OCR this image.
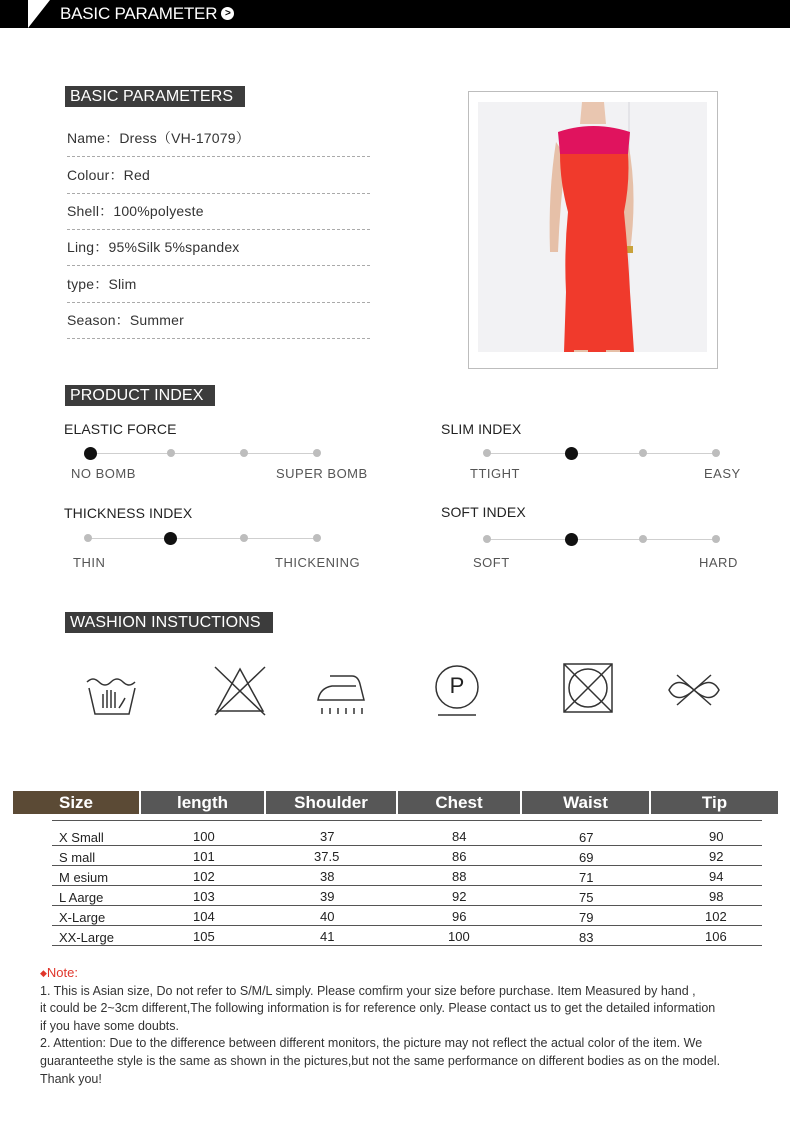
BASIC PARAMETER >
BASIC PARAMETERS
Name：Dress（VH-17079）
Colour：Red
Shell：100%polyeste
Ling：95%Silk 5%spandex
type：Slim
Season：Summer
PRODUCT INDEX
ELASTIC FORCE
NO BOMB	SUPER BOMB
SLIM INDEX
TTIGHT	EASY
THICKNESS INDEX
THIN	THICKENING
SOFT INDEX
SOFT	HARD
WASHION INSTUCTIONS
P
Size	length	Shoulder	Chest	Waist	Tip
X Small	100	37	84	67	90
S mall	101	37.5	86	69	92
M esium	102	38	88	71	94
L Aarge	103	39	92	75	98
X-Large	104	40	96	79	102
XX-Large	105	41	100	83	106
◆Note:
1. This is Asian size, Do not refer to S/M/L simply. Please comfirm your size before purchase. Item Measured by hand ,
it could be 2~3cm different,The following information is for reference only. Please contact us to get the detailed information
if you have some doubts.
2. Attention: Due to the difference between different monitors, the picture may not reflect the actual color of the item. We
guaranteethe style is the same as shown in the pictures,but not the same performance on different bodies as on the model.
Thank you!
